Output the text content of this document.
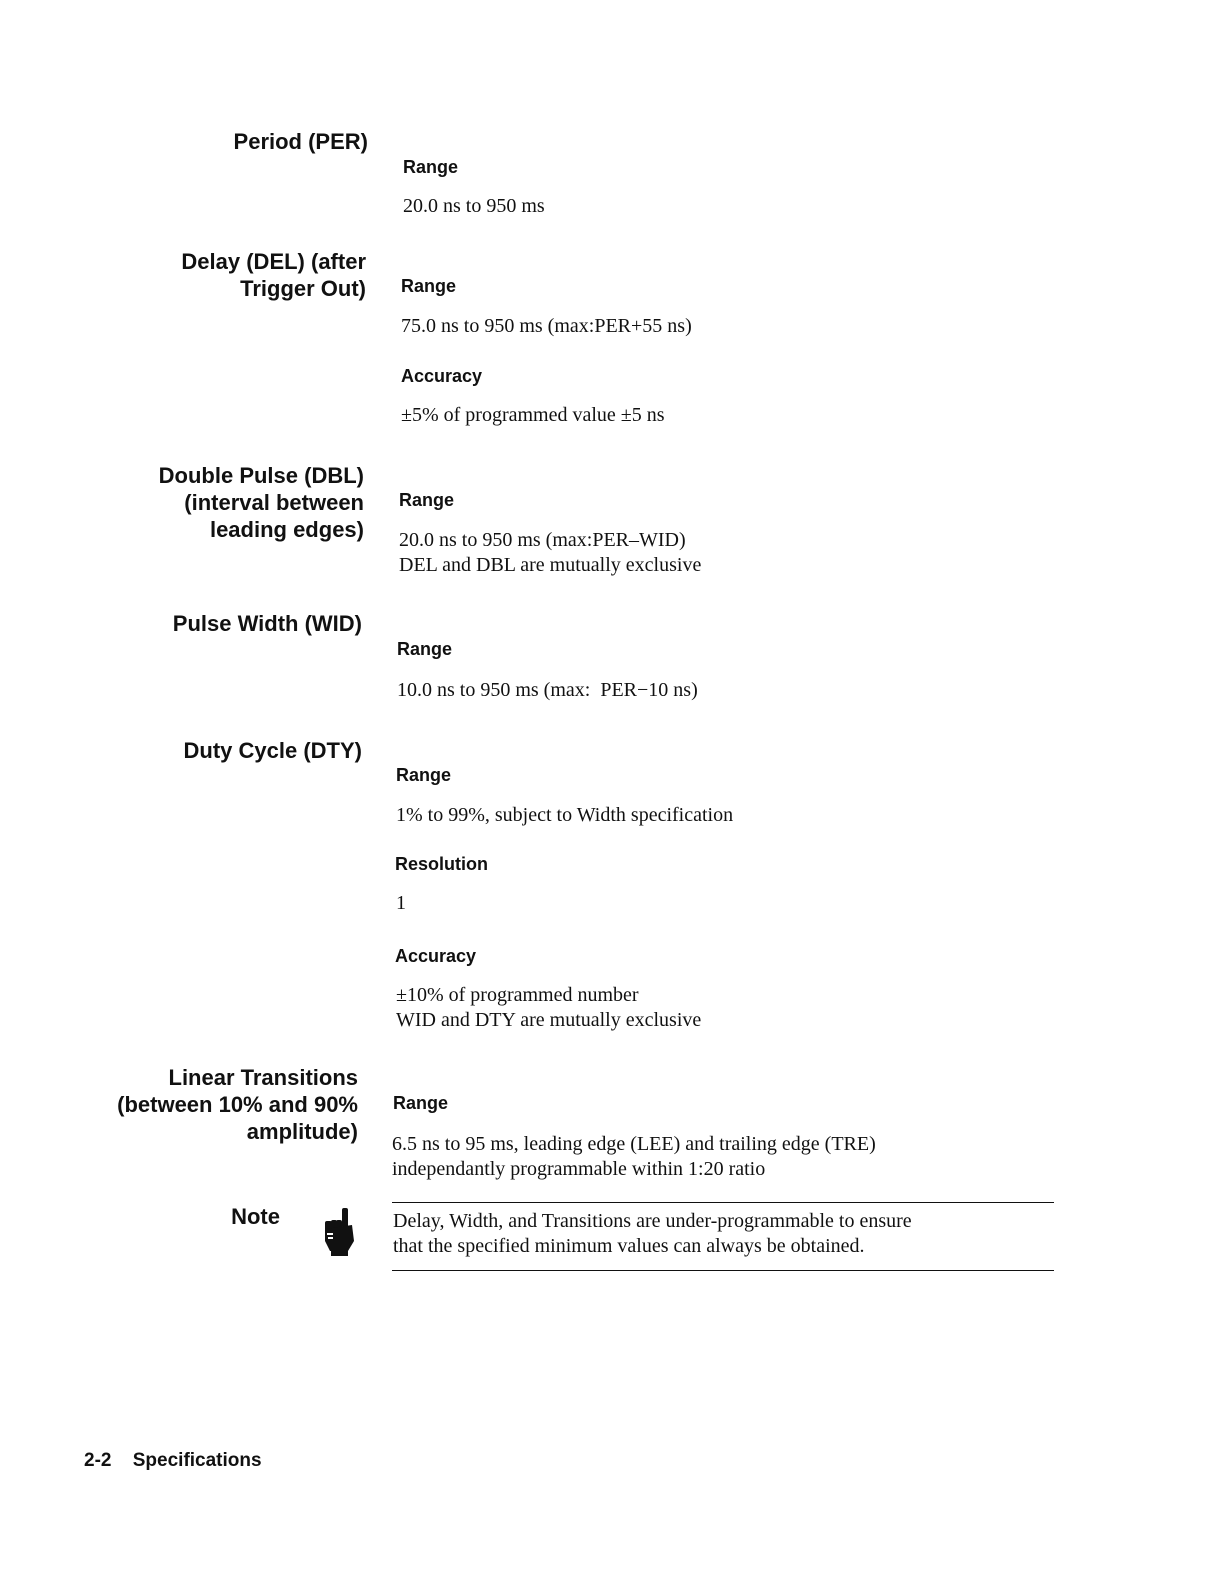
Period (PER)
Range
20.0 ns to 950 ms
Delay (DEL) (after
Trigger Out) Range
75.0 ns to 950 ms (max:PER+55 ns)
Accuracy
±5% of programmed value ±5 ns
Double Pulse (DBL)
(interval between
leading edges)
Range
20.0 ns to 950 ms (max:PER–WID)
DEL and DBL are mutually exclusive
Pulse Width (WID)
Range
10.0 ns to 950 ms (max:  PER−10 ns)
Duty Cycle (DTY)
Range
1% to 99%, subject to Width specification
Resolution
1
Accuracy
±10% of programmed number
WID and DTY are mutually exclusive
Linear Transitions
(between 10% and 90%
amplitude)
Range
6.5 ns to 95 ms, leading edge (LEE) and trailing edge (TRE)
independantly programmable within 1:20 ratio
Note	Delay, Width, and Transitions are under-programmable to ensure
that the specified minimum values can always be obtained.
2-2 Specifications
